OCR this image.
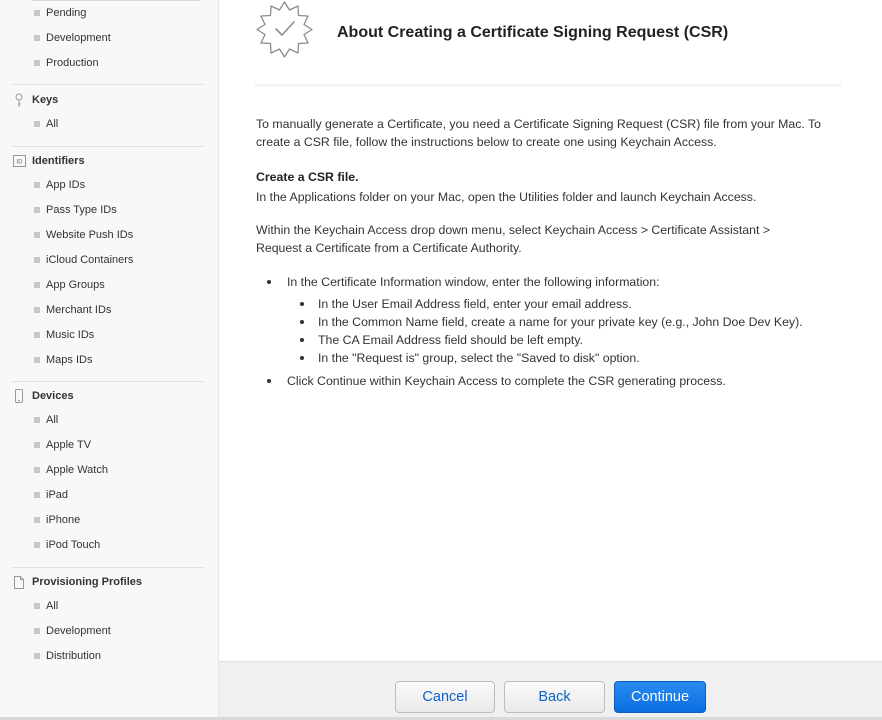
Pending
Development
Production
Keys
All
ID Identifiers
App IDs
Pass Type IDs
Website Push IDs
iCloud Containers
App Groups
Merchant IDs
Music IDs
Maps IDs
Devices
All
Apple TV
Apple Watch
iPad
iPhone
iPod Touch
Provisioning Profiles
All
Development
Distribution
About Creating a Certificate Signing Request (CSR)
To manually generate a Certificate, you need a Certificate Signing Request (CSR) file from your Mac. To
create a CSR file, follow the instructions below to create one using Keychain Access.
Create a CSR file.
In the Applications folder on your Mac, open the Utilities folder and launch Keychain Access.
Within the Keychain Access drop down menu, select Keychain Access > Certificate Assistant >
Request a Certificate from a Certificate Authority.
In the Certificate Information window, enter the following information:
In the User Email Address field, enter your email address.
In the Common Name field, create a name for your private key (e.g., John Doe Dev Key).
The CA Email Address field should be left empty.
In the "Request is" group, select the "Saved to disk" option.
Click Continue within Keychain Access to complete the CSR generating process.
Cancel	Back	Continue
